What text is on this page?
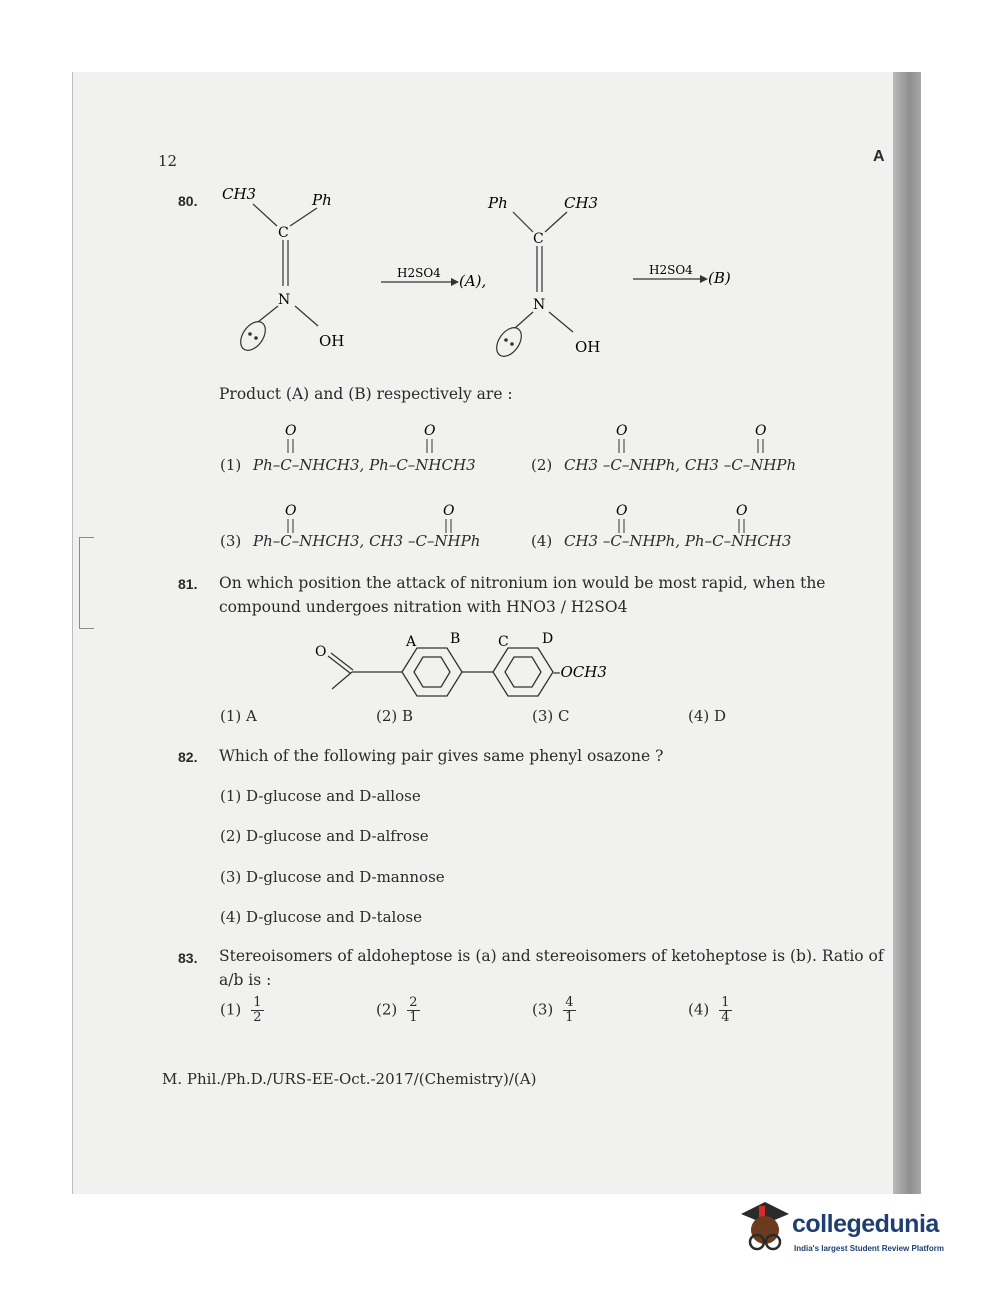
12	A
80. CH3	Ph
C
N
OH
H2SO4 (A),
Ph	CH3
C
N
OH
H2SO4 (B)
Product (A) and (B) respectively are :
O	O	O	O
O	O	O	O
(1) Ph–C–NHCH3, Ph–C–NHCH3	(2) CH3 –C–NHPh, CH3 –C–NHPh
(3) Ph–C–NHCH3, CH3 –C–NHPh	(4) CH3 –C–NHPh, Ph–C–NHCH3
81. On which position the attack of nitronium ion would be most rapid, when the
compound undergoes nitration with HNO3 / H2SO4
A B	C D
O
–OCH3
(1) A	(2) B	(3) C	(4) D
82. Which of the following pair gives same phenyl osazone ?
(1) D-glucose and D-allose
(2) D-glucose and D-alfrose
(3) D-glucose and D-mannose
(4) D-glucose and D-talose
83. Stereoisomers of aldoheptose is (a) and stereoisomers of ketoheptose is (b). Ratio of
a/b is :
$(1) \frac{1}{2}$	$(2) \frac{2}{1}$	$(3) \frac{4}{1}$	$(4) \frac{1}{4}$
M. Phil./Ph.D./URS-EE-Oct.-2017/(Chemistry)/(A)
collegedunia
India's largest Student Review Platform
